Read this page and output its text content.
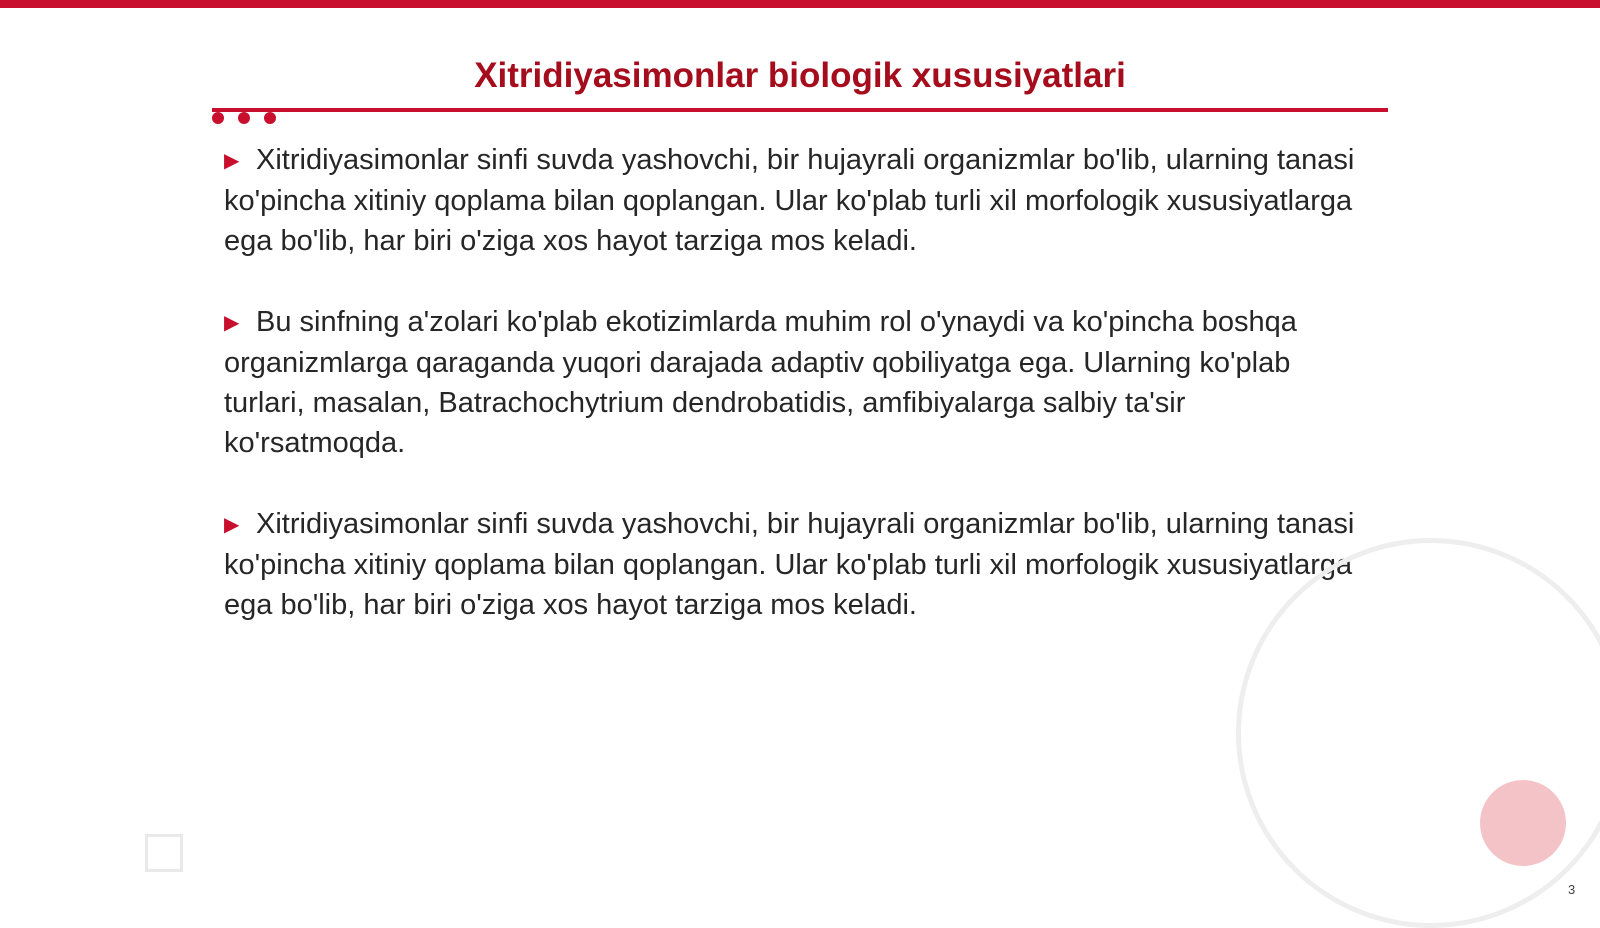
Xitridiyasimonlar biologik xususiyatlari

▶ Xitridiyasimonlar sinfi suvda yashovchi, bir hujayrali organizmlar bo'lib, ularning tanasi ko'pincha xitiniy qoplama bilan qoplangan. Ular ko'plab turli xil morfologik xususiyatlarga ega bo'lib, har biri o'ziga xos hayot tarziga mos keladi.

▶ Bu sinfning a'zolari ko'plab ekotizimlarda muhim rol o'ynaydi va ko'pincha boshqa organizmlarga qaraganda yuqori darajada adaptiv qobiliyatga ega. Ularning ko'plab turlari, masalan, Batrachochytrium dendrobatidis, amfibiyalarga salbiy ta'sir ko'rsatmoqda.

▶ Xitridiyasimonlar sinfi suvda yashovchi, bir hujayrali organizmlar bo'lib, ularning tanasi ko'pincha xitiniy qoplama bilan qoplangan. Ular ko'plab turli xil morfologik xususiyatlarga ega bo'lib, har biri o'ziga xos hayot tarziga mos keladi.

3
